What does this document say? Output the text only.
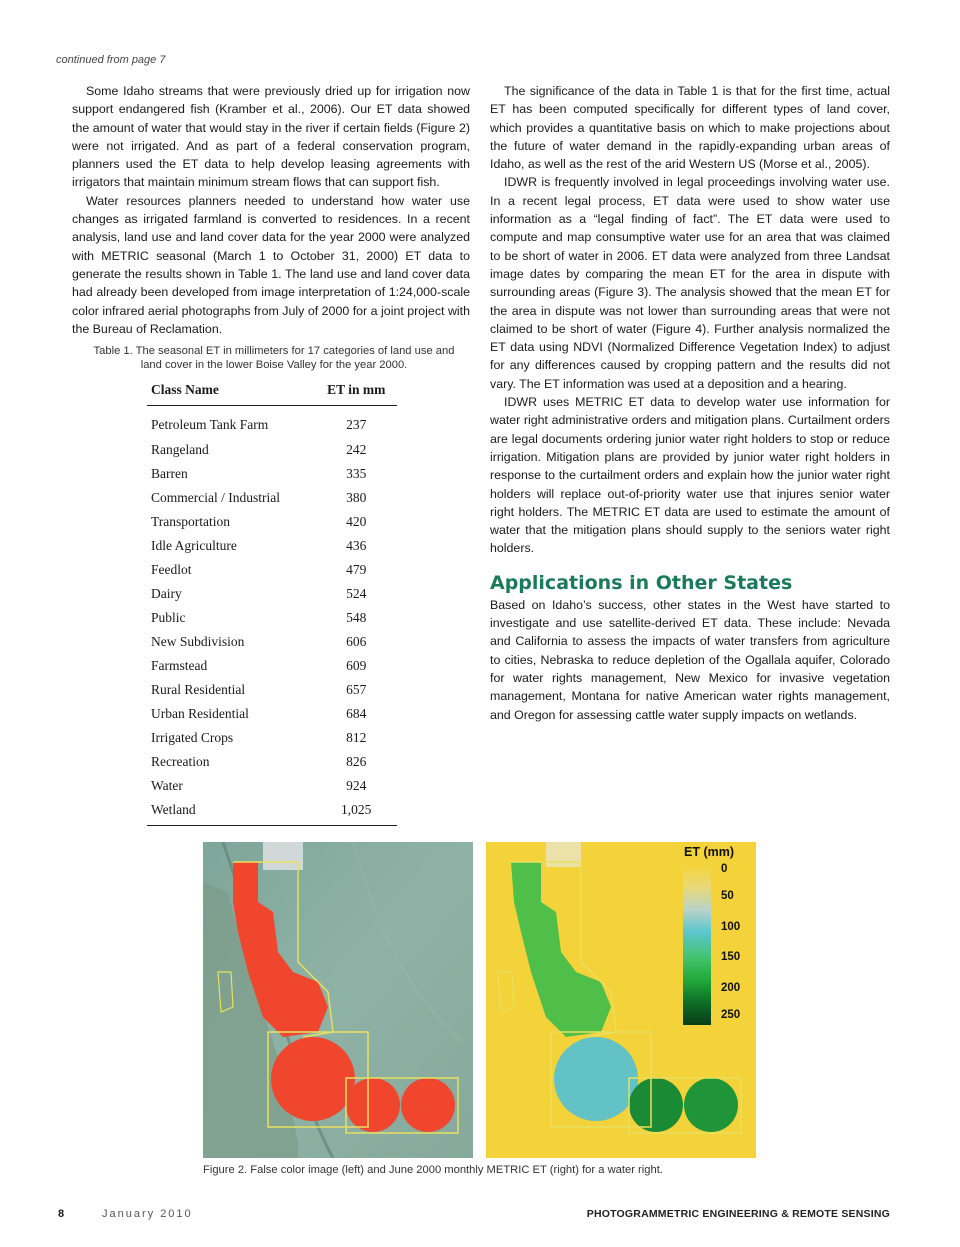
continued from page 7

Some Idaho streams that were previously dried up for irrigation now support endangered fish (Kramber et al., 2006). Our ET data showed the amount of water that would stay in the river if certain fields (Figure 2) were not irrigated. And as part of a federal conservation program, planners used the ET data to help develop leasing agreements with irrigators that maintain minimum stream flows that can support fish.

Water resources planners needed to understand how water use changes as irrigated farmland is converted to residences. In a recent analysis, land use and land cover data for the year 2000 were analyzed with METRIC seasonal (March 1 to October 31, 2000) ET data to generate the results shown in Table 1. The land use and land cover data had already been developed from image interpretation of 1:24,000-scale color infrared aerial photographs from July of 2000 for a joint project with the Bureau of Reclamation.

Table 1. The seasonal ET in millimeters for 17 categories of land use and land cover in the lower Boise Valley for the year 2000.
Class Name	ET in mm
Petroleum Tank Farm	237
Rangeland	242
Barren	335
Commercial / Industrial	380
Transportation	420
Idle Agriculture	436
Feedlot	479
Dairy	524
Public	548
New Subdivision	606
Farmstead	609
Rural Residential	657
Urban Residential	684
Irrigated Crops	812
Recreation	826
Water	924
Wetland	1,025

The significance of the data in Table 1 is that for the first time, actual ET has been computed specifically for different types of land cover, which provides a quantitative basis on which to make projections about the future of water demand in the rapidly-expanding urban areas of Idaho, as well as the rest of the arid Western US (Morse et al., 2005).

IDWR is frequently involved in legal proceedings involving water use. In a recent legal process, ET data were used to show water use information as a “legal finding of fact”. The ET data were used to compute and map consumptive water use for an area that was claimed to be short of water in 2006. ET data were analyzed from three Landsat image dates by comparing the mean ET for the area in dispute with surrounding areas (Figure 3). The analysis showed that the mean ET for the area in dispute was not lower than surrounding areas that were not claimed to be short of water (Figure 4). Further analysis normalized the ET data using NDVI (Normalized Difference Vegetation Index) to adjust for any differences caused by cropping pattern and the results did not vary. The ET information was used at a deposition and a hearing.

IDWR uses METRIC ET data to develop water use information for water right administrative orders and mitigation plans. Curtailment orders are legal documents ordering junior water right holders to stop or reduce irrigation. Mitigation plans are provided by junior water right holders in response to the curtailment orders and explain how the junior water right holders will replace out-of-priority water use that injures senior water right holders. The METRIC ET data are used to estimate the amount of water that the mitigation plans should supply to the seniors water right holders.

Applications in Other States

Based on Idaho’s success, other states in the West have started to investigate and use satellite-derived ET data. These include: Nevada and California to assess the impacts of water transfers from agriculture to cities, Nebraska to reduce depletion of the Ogallala aquifer, Colorado for water rights management, New Mexico for invasive vegetation management, Montana for native American water rights management, and Oregon for assessing cattle water supply impacts on wetlands.

ET (mm)
0
50
100
150
200
250
Figure 2. False color image (left) and June 2000 monthly METRIC ET (right) for a water right.
8	January 2010	PHOTOGRAMMETRIC ENGINEERING & REMOTE SENSING
